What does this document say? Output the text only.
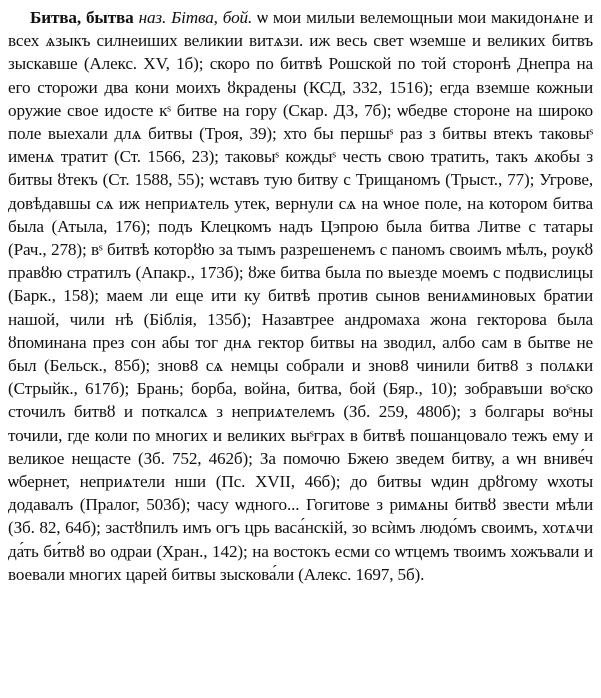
Битва, бытва наз. Бітва, бой. ѡ мои милыи велемощныи мои макидонѧне и всех ѧзыкъ силнеиших великии витѧзи. иж весь свет ѡземше и великих битвъ зыскавше (Алекс. XV, 1б); скоро по битвѣ Рошской по той сторонѣ Днепра на его сторожи два кони моихъ ȣкрадены (КСД, 332, 1516); егда вземше кожныи оружие свое идосте кˢ битве на гору (Скар. ДЗ, 7б); ѡбедве стороне на широко поле выехали длѧ битвы (Троя, 39); хто бы першыˢ раз з битвы втекъ таковыˢ именѧ тратит (Ст. 1566, 23); таковыˢ кождыˢ честь свою тратить, такъ ѧкобы з битвы ȣтекъ (Ст. 1588, 55); ѡставъ тую битву с Трищаномъ (Трыст., 77); Угрове, довѣдавшы сѧ иж неприѧтель утек, вернули сѧ на ѡное поле, на котором битва была (Атыла, 176); подъ Клецкомъ надъ Цэпрою была битва Литве с татары (Рач., 278); вˢ битвѣ которȣю за тымъ разрешенемъ с паномъ своимъ мѣлъ, роукȣ правȣю стратилъ (Апакр., 173б); ȣже битва была по выезде моемъ с подвислицы (Барк., 158); маем ли еще ити ку битвѣ против сынов вениѧминовых братии нашой, чили нѣ (Біблія, 135б); Назавтрее андромаха жона гекторова была ȣпоминана през сон абы тог днѧ гектор битвы на зводил, албо сам в бытве не был (Бельск., 85б); знов8 сѧ немцы собрали и знов8 чинили битв8 з полѧки (Стрыйк., 617б); Брань; борба, война, битва, бой (Бяр., 10); зобравъши воˢско сточилъ битвȣ и поткалсѧ з неприѧтелемъ (Зб. 259, 480б); з болгары воˢны точили, где коли по многих и великих выˢграх в битвѣ пошанцовало тежъ ему и великое нещасте (Зб. 752, 462б); За помочю Бжею зведем битву, а ѡн вниве́ч ѡбернет, неприѧтели нши (Пс. XVII, 46б); до битвы ѡдин дрȣгому ѡхоты додавалъ (Пралог, 503б); часу ѡдного... Гогитове з римѧны битвȣ звести мѣли (Зб. 82, 64б); застȣпилъ имъ огъ црь васа́нскій, зо всѝмъ людо́мъ своимъ, хотѧчи да́ть би́твȣ во одраи (Хран., 142); на востокъ есми со ѡтцемъ твоимъ хожъвали и воевали многих царей битвы зыскова́ли (Алекс. 1697, 5б).
